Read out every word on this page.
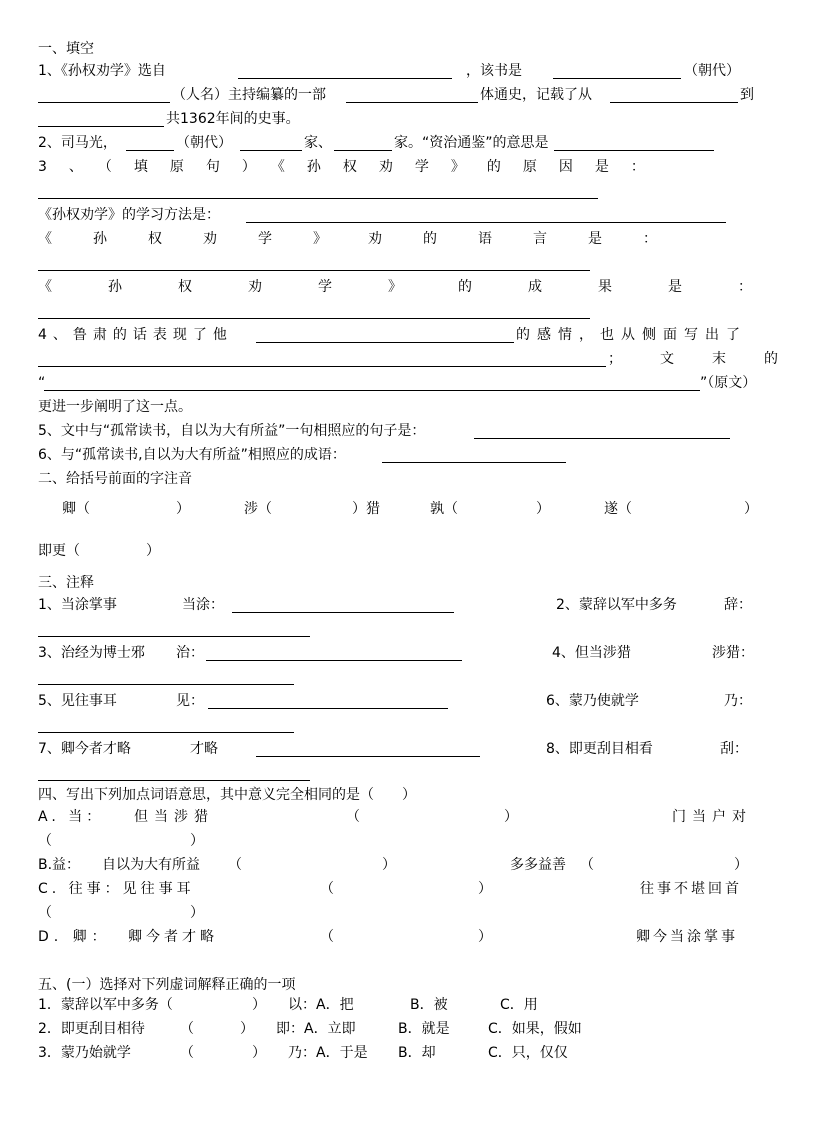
一、填空
1、《孙权劝学》选自	，该书是	（朝代）
（人名）主持编纂的一部	体通史，记载了从	到
共1362年间的史事。
2、司马光，	（朝代）	家、	家。“资治通鉴”的意思是
3、（填原句）《孙权劝学》的原因是：
《孙权劝学》的学习方法是：
《孙权劝学》劝的语言是：
《孙权劝学》的成果是：
4、鲁肃的话表现了他	的感情，也从侧面写出了
；文末的
“	”（原文）
更进一步阐明了这一点。
5、文中与“孤常读书，自以为大有所益”一句相照应的句子是：
6、与“孤常读书,自以为大有所益”相照应的成语：
二、给括号前面的字注音
卿（	）	涉（	）猎	孰（	）	遂（	）
即更（	）
三、注释
1、当涂掌事	当涂：	2、蒙辞以军中多务	辞：
3、治经为博士邪 治：	4、但当涉猎	涉猎：
5、见往事耳	见：	6、蒙乃使就学	乃：
7、卿今者才略	才略	8、即更刮目相看	刮：
四、写出下列加点词语意思，其中意义完全相同的是（　　）
A. 当： 但当涉猎	（	）	门当户对
（	）
B.益： 自以为大有所益 （	）	多多益善 （	）
C. 往事：见往事耳	（	）	往事不堪回首
（	）
D. 卿： 卿今者才略	（	）	卿今当涂掌事
五、(一）选择对下列虚词解释正确的一项
1．蒙辞以军中多务（	） 以：A．把	B．被	C．用
2．即更刮目相待	（	） 即：A．立即	B．就是	C．如果，假如
3．蒙乃始就学	（	） 乃：A．于是 B．却	C．只，仅仅
